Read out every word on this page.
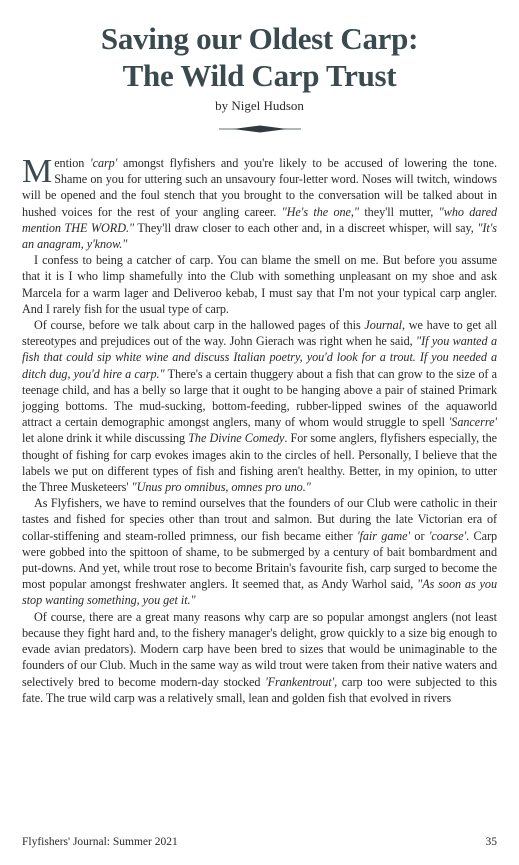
Saving our Oldest Carp:
The Wild Carp Trust
by Nigel Hudson

Mention 'carp' amongst flyfishers and you're likely to be accused of lowering the tone. Shame on you for uttering such an unsavoury four-letter word. Noses will twitch, windows will be opened and the foul stench that you brought to the conversation will be talked about in hushed voices for the rest of your angling career. "He's the one," they'll mutter, "who dared mention THE WORD." They'll draw closer to each other and, in a discreet whisper, will say, "It's an anagram, y'know."

I confess to being a catcher of carp. You can blame the smell on me. But before you assume that it is I who limp shamefully into the Club with something unpleasant on my shoe and ask Marcela for a warm lager and Deliveroo kebab, I must say that I'm not your typical carp angler. And I rarely fish for the usual type of carp.

Of course, before we talk about carp in the hallowed pages of this Journal, we have to get all stereotypes and prejudices out of the way. John Gierach was right when he said, "If you wanted a fish that could sip white wine and discuss Italian poetry, you'd look for a trout. If you needed a ditch dug, you'd hire a carp." There's a certain thuggery about a fish that can grow to the size of a teenage child, and has a belly so large that it ought to be hanging above a pair of stained Primark jogging bottoms. The mud-sucking, bottom-feeding, rubber-lipped swines of the aquaworld attract a certain demographic amongst anglers, many of whom would struggle to spell 'Sancerre' let alone drink it while discussing The Divine Comedy. For some anglers, flyfishers especially, the thought of fishing for carp evokes images akin to the circles of hell. Personally, I believe that the labels we put on different types of fish and fishing aren't healthy. Better, in my opinion, to utter the Three Musketeers' "Unus pro omnibus, omnes pro uno."

As Flyfishers, we have to remind ourselves that the founders of our Club were catholic in their tastes and fished for species other than trout and salmon. But during the late Victorian era of collar-stiffening and steam-rolled primness, our fish became either 'fair game' or 'coarse'. Carp were gobbed into the spittoon of shame, to be submerged by a century of bait bombardment and put-downs. And yet, while trout rose to become Britain's favourite fish, carp surged to become the most popular amongst freshwater anglers. It seemed that, as Andy Warhol said, "As soon as you stop wanting something, you get it."

Of course, there are a great many reasons why carp are so popular amongst anglers (not least because they fight hard and, to the fishery manager's delight, grow quickly to a size big enough to evade avian predators). Modern carp have been bred to sizes that would be unimaginable to the founders of our Club. Much in the same way as wild trout were taken from their native waters and selectively bred to become modern-day stocked 'Frankentrout', carp too were subjected to this fate. The true wild carp was a relatively small, lean and golden fish that evolved in rivers

Flyfishers' Journal: Summer 2021	35
